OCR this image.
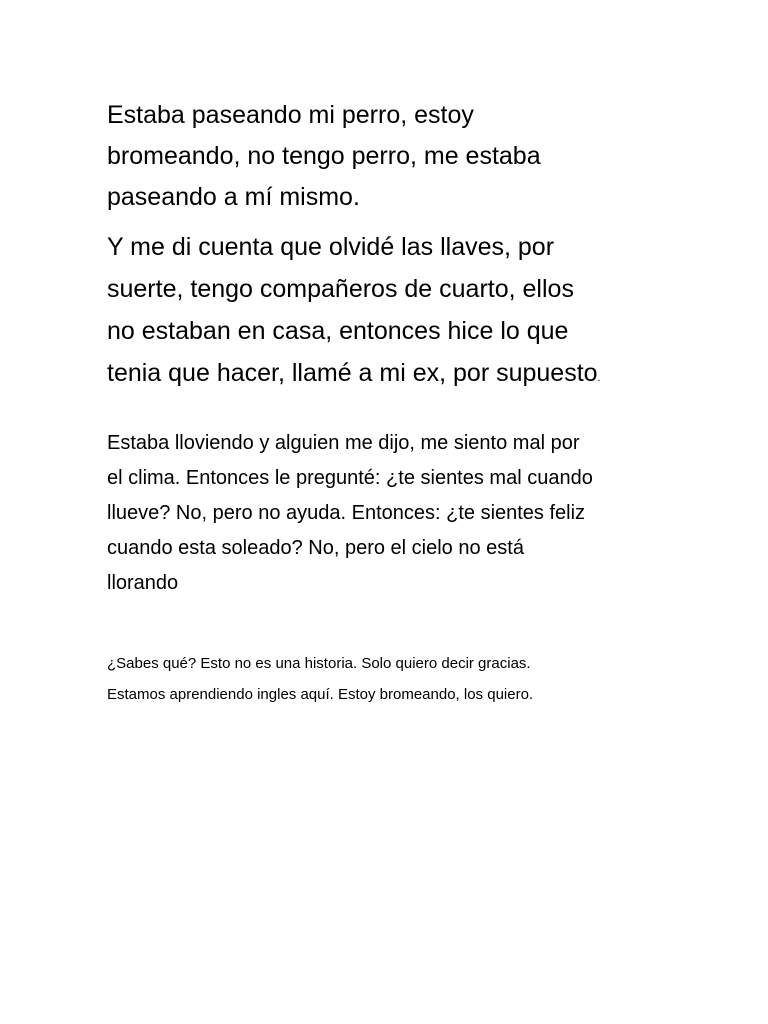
Estaba paseando mi perro, estoy
bromeando, no tengo perro, me estaba
paseando a mí mismo.

Y me di cuenta que olvidé las llaves, por
suerte, tengo compañeros de cuarto, ellos
no estaban en casa, entonces hice lo que
tenia que hacer, llamé a mi ex, por supuesto.

Estaba lloviendo y alguien me dijo, me siento mal por
el clima. Entonces le pregunté: ¿te sientes mal cuando
llueve? No, pero no ayuda. Entonces: ¿te sientes feliz
cuando esta soleado? No, pero el cielo no está
llorando

¿Sabes qué? Esto no es una historia. Solo quiero decir gracias.
Estamos aprendiendo ingles aquí. Estoy bromeando, los quiero.
